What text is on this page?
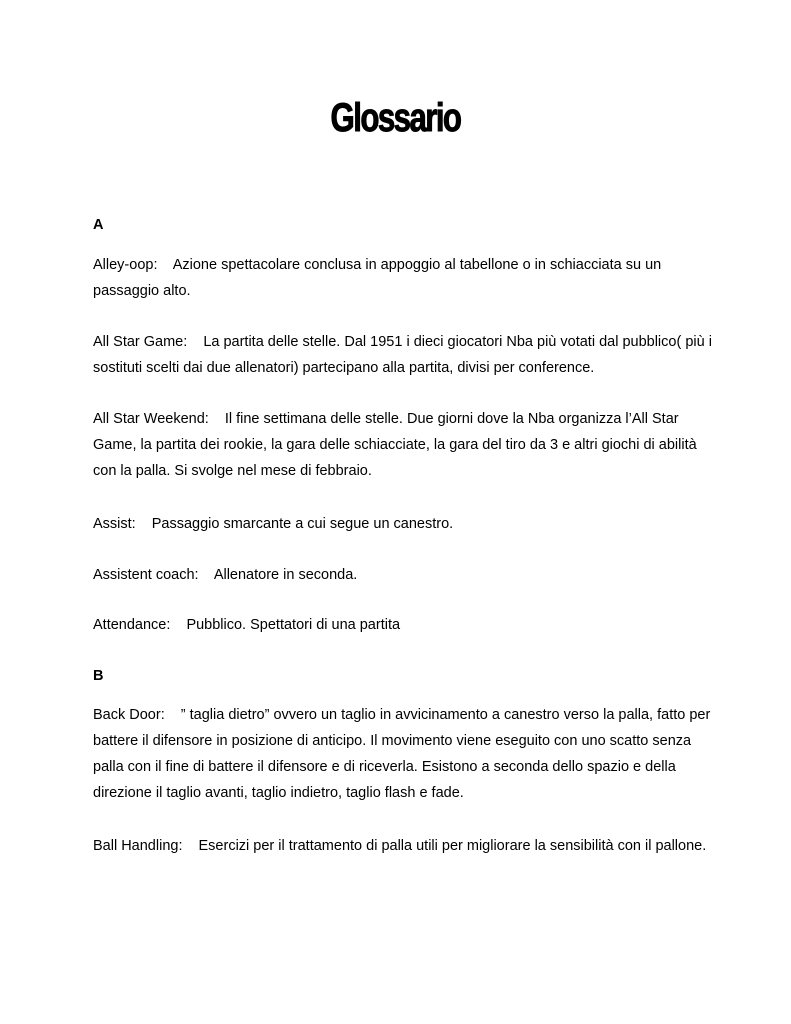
Glossario
A
Alley-oop: Azione spettacolare conclusa in appoggio al tabellone o in schiacciata su un passaggio alto.
All Star Game: La partita delle stelle. Dal 1951 i dieci giocatori Nba più votati dal pubblico( più i sostituti scelti dai due allenatori) partecipano alla partita, divisi per conference.
All Star Weekend: Il fine settimana delle stelle. Due giorni dove la Nba organizza l’All Star Game, la partita dei rookie, la gara delle schiacciate, la gara del tiro da 3 e altri giochi di abilità con la palla. Si svolge nel mese di febbraio.
Assist: Passaggio smarcante a cui segue un canestro.
Assistent coach: Allenatore in seconda.
Attendance: Pubblico. Spettatori di una partita
B
Back Door: ” taglia dietro” ovvero un taglio in avvicinamento a canestro verso la palla, fatto per battere il difensore in posizione di anticipo. Il movimento viene eseguito con uno scatto senza palla con il fine di battere il difensore e di riceverla. Esistono a seconda dello spazio e della direzione il taglio avanti, taglio indietro, taglio flash e fade.
Ball Handling: Esercizi per il trattamento di palla utili per migliorare la sensibilità con il pallone.
